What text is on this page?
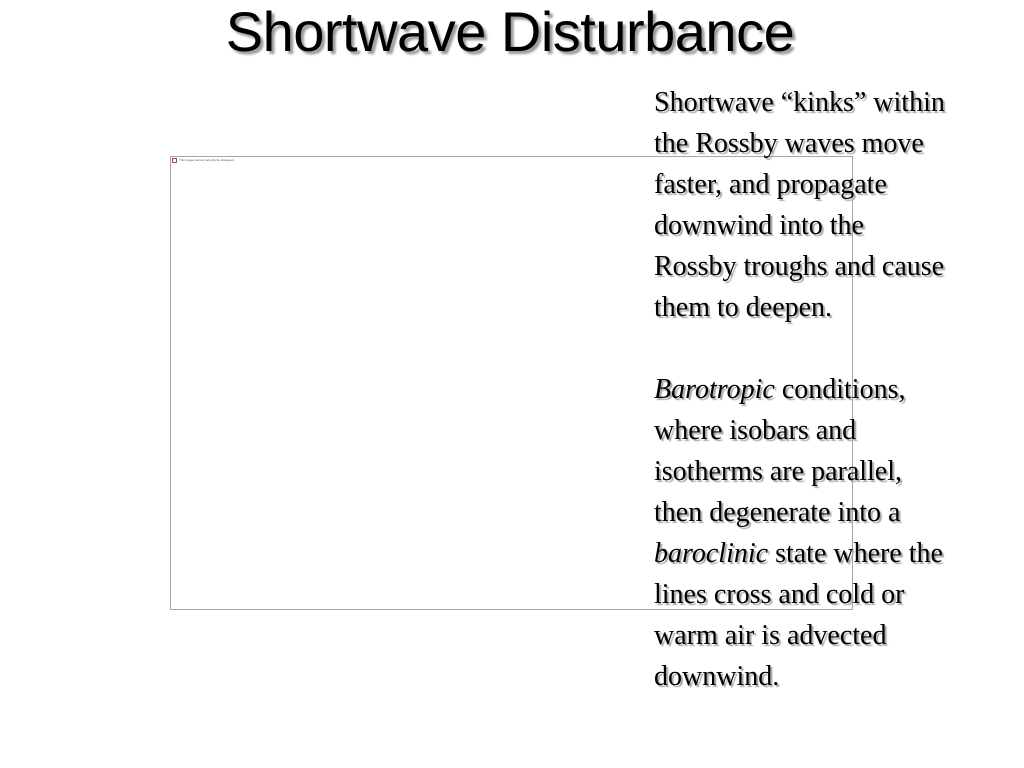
Shortwave Disturbance
This image cannot currently be displayed.

Shortwave “kinks” within
the Rossby waves move
faster, and propagate
downwind into the
Rossby troughs and cause
them to deepen.

Barotropic conditions,
where isobars and
isotherms are parallel,
then degenerate into a
baroclinic state where the
lines cross and cold or
warm air is advected
downwind.
